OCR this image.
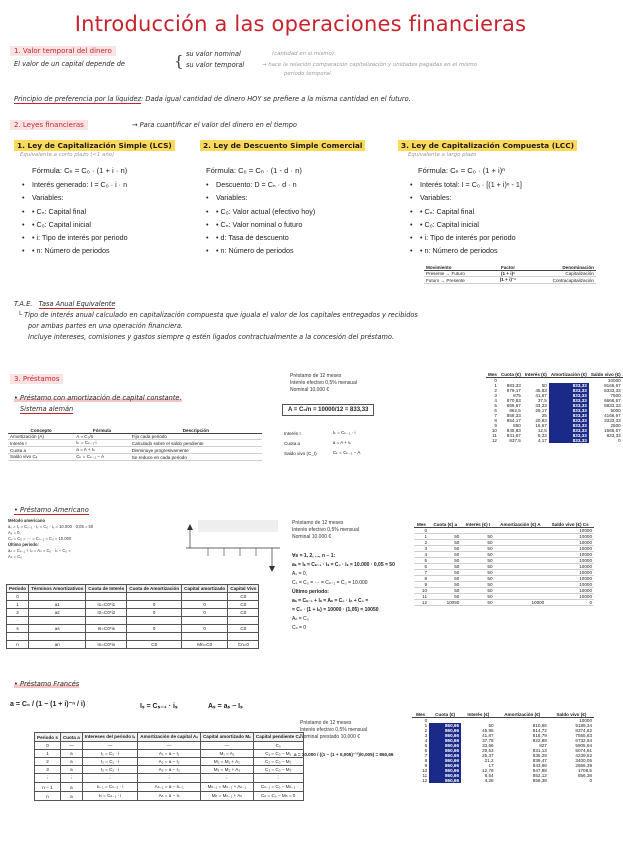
Introducción a las operaciones financieras
1. Valor temporal del dinero
El valor de un capital depende de	{ su valor nominal	(cantidad en sí mismo)
su valor temporal	→ hace la relación comparación capitalización y unidades pagadas en el mismo
período temporal.
Principio de preferencia por la liquidez: Dada igual cantidad de dinero HOY se prefiere a la misma cantidad en el futuro.
2. Leyes financieras	→ Para cuantificar el valor del dinero en el tiempo
1. Ley de Capitalización Simple (LCS)
Equivalente a corto plazo (<1 año)
Fórmula: Cₙ = C₀ · (1 + i · n)
• Interés generado: I = C₀ · i · n
• Variables:
• • Cₙ: Capital final
• • C₀: Capital inicial
• • i: Tipo de interés por periodo
• • n: Número de periodos
2. Ley de Descuento Simple Comercial
Fórmula: C₀ = Cₙ · (1 - d · n)
• Descuento: D = Cₙ · d · n
• Variables:
• • C₀: Valor actual (efectivo hoy)
• • Cₙ: Valor nominal o futuro
• • d: Tasa de descuento
• • n: Número de periodos
3. Ley de Capitalización Compuesta (LCC)
Equivalente a largo plazo
Fórmula: Cₙ = C₀ · (1 + i)ⁿ
• Interés total: I = C₀ · [(1 + i)ⁿ - 1]
• Variables:
• • Cₙ: Capital final
• • C₀: Capital inicial
• • i: Tipo de interés por periodo
• • n: Número de periodos
Movimiento	Factor	Denominación
Presente → Futuro	(1 + i)ⁿ	Capitalización
Futuro → Presente	(1 + i)⁻ⁿ	Contracapitalización
T.A.E. Tasa Anual Equivalente
└ Tipo de interés anual calculado en capitalización compuesta que iguala el valor de los capitales entregados y recibidos
por ambas partes en una operación financiera.
Incluye intereses, comisiones y gastos siempre q estén ligados contractualmente a la concesión del préstamo.
3. Préstamos
• Préstamo con amortización de capital constante.
Sistema alemán
Préstamo de 12 meses
Interés efectivo 0,5% mensual
Nominal 10.000 €
A = C₀/n = 10000/12 = 833,33
Interés I	Iₖ = Cₖ₋₁ · i
Cuota a	a = A + Iₖ
Saldo vivo (C_t)	Cₖ = Cₖ₋₁ − A
Concepto	Fórmula	Descripción
Amortización (A)	A = C₀/n	Fijo cada periodo
Interés I	Iₖ = Cₖ₋₁·i	Calculado sobre el saldo pendiente
Cuota a	a = A + Iₖ	Disminuye progresivamente
Saldo vivo Cₖ	Cₖ = Cₖ₋₁ − A	Se reduce en cada periodo
Mes	Cuota (€)	Interés (€)	Amortización (€)	Saldo vivo (€)
0				10000
1	883,33	50	833,33	9166,67
2	879,17	45,83	833,33	8333,33
3	875	41,67	833,33	7500
4	870,83	37,5	833,33	6666,67
5	866,67	33,33	833,33	5833,33
6	862,5	29,17	833,33	5000
7	858,33	25	833,33	4166,67
8	854,17	20,83	833,33	3333,33
9	850	16,67	833,33	2500
10	845,83	12,5	833,33	1666,67
11	841,67	8,33	833,33	833,33
12	837,5	4,17	833,33	0
• Préstamo Americano
Método americano
aₛ = Iₛ = Cₛ₋₁ · iₛ = C₀ · iₛ = 10.000 · 0,05 = 50
Aₛ = 0,
Cₛ = C₀ = ··· = Cₙ₋₁ = C₀ = 10.000
Último periodo:
aₙ = Cₙ₋₁ + Iₙ = Aₙ = C₀ · iₙ + C₀ =
Aₙ = C₀
Período	Términos Amortizativos	Cuota de Interés	Cuota de Amortización	Capital amortizado	Capital Vivo
0					C0
1	a1	I1=C0*i1	0	0	C0
2	a2	I2=C0*i2	0	0	C0
·					
s	as	Is=C0*is	0	0	C0
·					
n	an	In=C0*in	C0	Mn=C0	Cn=0
Préstamo de 12 meses
Interés efectivo 0,5% mensual
Nominal 10.000 €
∀s = 1, 2, ..., n − 1:
aₛ = Iₛ = Cₛ₋₁ · iₛ = C₀ · iₛ = 10.000 · 0,05 = 50
Aₛ = 0,
Cₛ = C₀ = ··· = Cₙ₋₁ = C₀ = 10.000
Último periodo:
aₙ = Cₙ₋₁ + Iₙ = Aₙ = C₀ · iₙ + C₀ =
= C₀ · (1 + iₙ) = 10000 · (1,05) = 10050
Aₙ = C₀
Cₙ = 0
Mes	Cuota (€) a	Interés (€) I	Amortización (€) A	Saldo vivo (€) Cs
0				10000
1	50	50		10000
2	50	50		10000
3	50	50		10000
4	50	50		10000
5	50	50		10000
6	50	50		10000
7	50	50		10000
8	50	50		10000
9	50	50		10000
10	50	50		10000
11	50	50		10000
12	10050	50	10000	0
• Préstamo Francés
a = C₀ / (1 − (1 + i)⁻ⁿ / i)	Iₛ = Cₛ₋₁ · iₛ	Aₛ = aₛ − Iₛ
Periodo s	Cuota a	Intereses del periodo Iₛ	Amortización de capital Aₛ	Capital amortizado Mₛ	Capital pendiente Cₛ
0	—	—	—	—	C₀
1	a	I₁ = C₀ · i	A₁ = a − I₁	M₁ = A₁	C₁ = C₀ − M₁
2	a	I₂ = C₁ · i	A₂ = a − I₂	M₂ = M₁ + A₂	C₂ = C₀ − M₂
3	a	I₃ = C₂ · i	A₃ = a − I₃	M₃ = M₂ + A₃	C₃ = C₀ − M₃
⋮	⋮	⋮	⋮	⋮	⋮
n − 1	a	Iₙ₋₁ = Cₙ₋₂ · i	Aₙ₋₁ = a − Iₙ₋₁	Mₙ₋₁ = Mₙ₋₂ + Aₙ₋₁	Cₙ₋₁ = C₀ − Mₙ₋₁
n	a	Iₙ = Cₙ₋₁ · i	Aₙ = a − Iₙ	Mₙ = Mₙ₋₁ + Aₙ	Cₙ = C₀ − Mₙ = 0
Préstamo de 12 meses
Interés efectivo 0,5% mensual
Nominal prestado 10.000 €
a = 10.000 / ((1 − (1 + 0,005)⁻¹²)/0,005) = 860,66
Mes	Cuota (€)	Interés (€)	Amortización (€)	Saldo vivo (€)
0				10000
1	860,66	50	810,66	9189,34
2	860,66	45,95	814,72	8374,62
3	860,66	41,87	818,79	7555,83
4	860,66	37,78	822,89	6732,94
5	860,66	33,66	827	5905,94
6	860,66	29,53	831,13	5074,81
7	860,66	25,37	835,29	4239,52
8	860,66	21,2	839,47	3400,05
9	860,66	17	843,66	2556,39
10	860,66	12,78	847,88	1708,5
11	860,66	8,54	852,12	856,38
12	860,66	4,28	856,38	0
